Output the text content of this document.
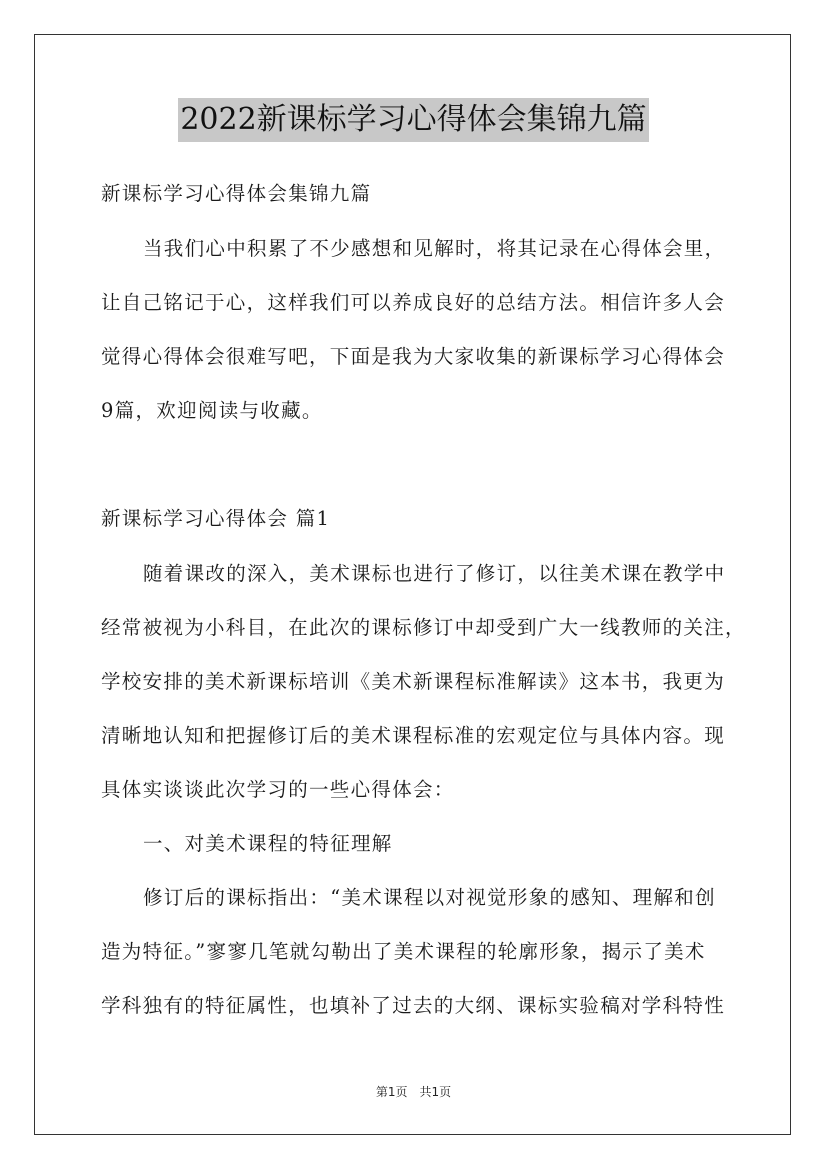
2022新课标学习心得体会集锦九篇
新课标学习心得体会集锦九篇
当我们心中积累了不少感想和见解时，将其记录在心得体会里，
让自己铭记于心，这样我们可以养成良好的总结方法。相信许多人会
觉得心得体会很难写吧，下面是我为大家收集的新课标学习心得体会
9篇，欢迎阅读与收藏。
新课标学习心得体会 篇1
随着课改的深入，美术课标也进行了修订，以往美术课在教学中
经常被视为小科目，在此次的课标修订中却受到广大一线教师的关注，
学校安排的美术新课标培训《美术新课程标准解读》这本书，我更为
清晰地认知和把握修订后的美术课程标准的宏观定位与具体内容。现
具体实谈谈此次学习的一些心得体会：
一、对美术课程的特征理解
修订后的课标指出：“美术课程以对视觉形象的感知、理解和创
造为特征。”寥寥几笔就勾勒出了美术课程的轮廓形象，揭示了美术
学科独有的特征属性，也填补了过去的大纲、课标实验稿对学科特性
第1页　共1页
